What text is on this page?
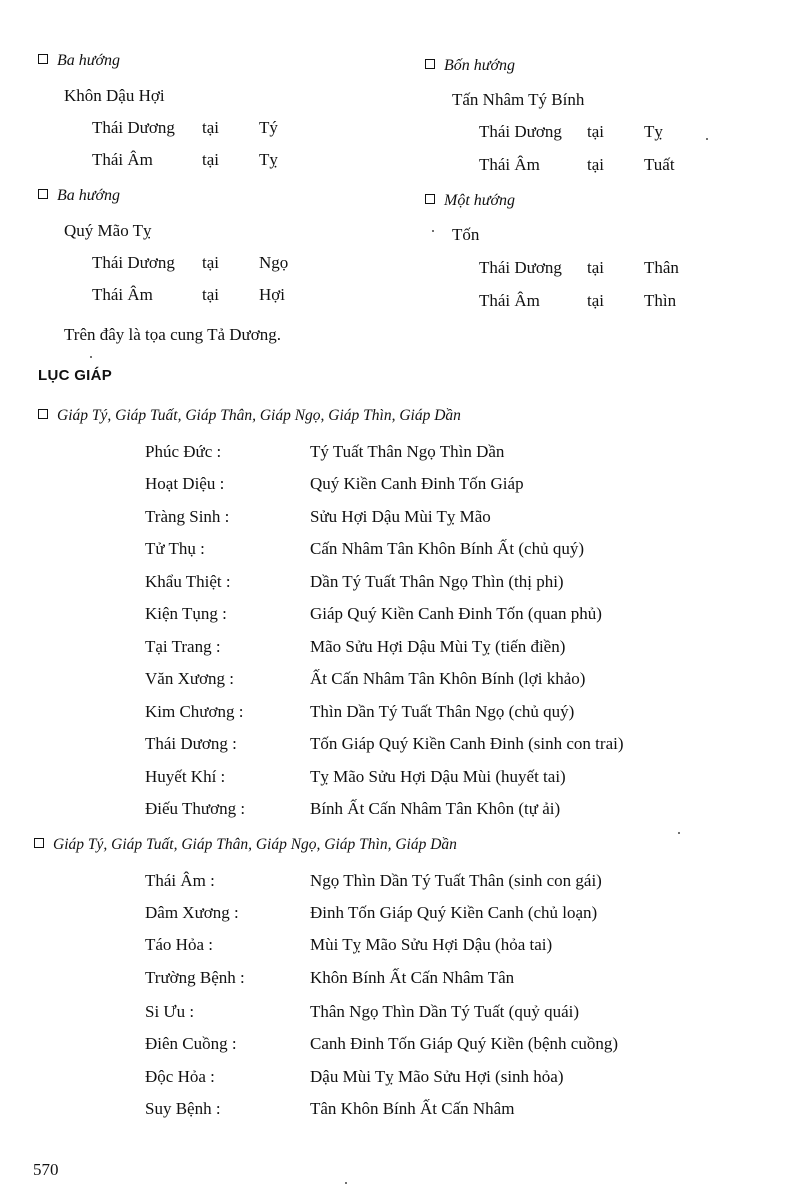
Ba hướng
Khôn Dậu Hợi
Thái Dương tại Tý
Thái Âm	tại Tỵ
Bốn hướng
Tấn Nhâm Tý Bính
Thái Dương tại Tỵ
Thái Âm	tại Tuất
Ba hướng
Quý Mão Tỵ
Thái Dương tại Ngọ
Thái Âm	tại Hợi
Một hướng
Tốn
Thái Dương tại Thân
Thái Âm	tại Thìn
Trên đây là tọa cung Tả Dương.
LỤC GIÁP
Giáp Tý, Giáp Tuất, Giáp Thân, Giáp Ngọ, Giáp Thìn, Giáp Dần
Phúc Đức :	Tý Tuất Thân Ngọ Thìn Dần
Hoạt Diệu :	Quý Kiền Canh Đinh Tốn Giáp
Tràng Sinh :	Sửu Hợi Dậu Mùi Tỵ Mão
Tử Thụ :	Cấn Nhâm Tân Khôn Bính Ất (chủ quý)
Khẩu Thiệt :	Dần Tý Tuất Thân Ngọ Thìn (thị phi)
Kiện Tụng :	Giáp Quý Kiền Canh Đinh Tốn (quan phủ)
Tại Trang :	Mão Sửu Hợi Dậu Mùi Tỵ (tiến điền)
Văn Xương :	Ất Cấn Nhâm Tân Khôn Bính (lợi khảo)
Kim Chương :	Thìn Dần Tý Tuất Thân Ngọ (chủ quý)
Thái Dương :	Tốn Giáp Quý Kiền Canh Đinh (sinh con trai)
Huyết Khí :	Tỵ Mão Sửu Hợi Dậu Mùi (huyết tai)
Điếu Thương :	Bính Ất Cấn Nhâm Tân Khôn (tự ải)
Giáp Tý, Giáp Tuất, Giáp Thân, Giáp Ngọ, Giáp Thìn, Giáp Dần
Thái Âm :	Ngọ Thìn Dần Tý Tuất Thân (sinh con gái)
Dâm Xương :	Đinh Tốn Giáp Quý Kiền Canh (chủ loạn)
Táo Hỏa :	Mùi Tỵ Mão Sửu Hợi Dậu (hỏa tai)
Trường Bệnh :	Khôn Bính Ất Cấn Nhâm Tân
Si Ưu :	Thân Ngọ Thìn Dần Tý Tuất (quỷ quái)
Điên Cuồng :	Canh Đinh Tốn Giáp Quý Kiền (bệnh cuồng)
Độc Hỏa :	Dậu Mùi Tỵ Mão Sửu Hợi (sinh hỏa)
Suy Bệnh :	Tân Khôn Bính Ất Cấn Nhâm
570
